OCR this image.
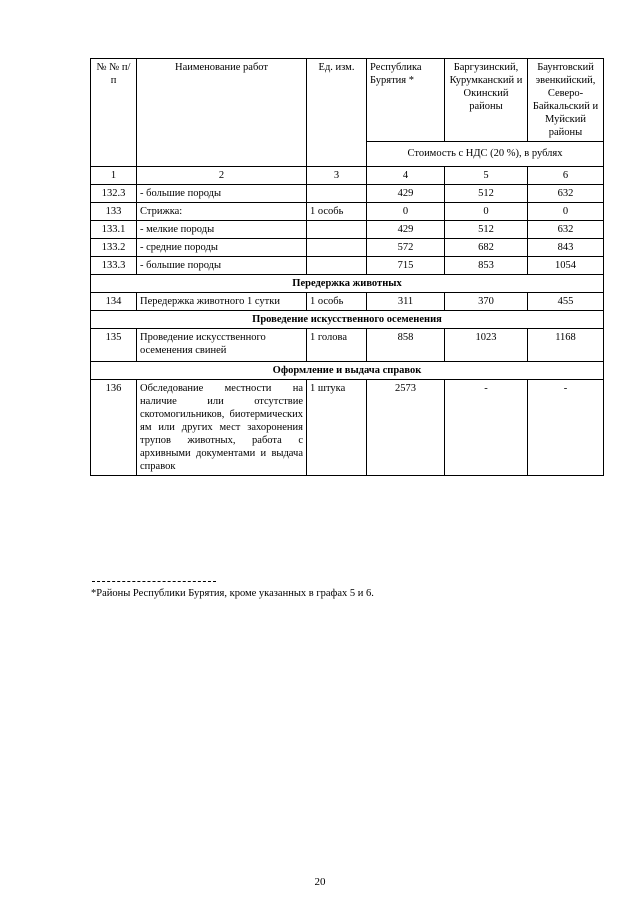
№ № п/п	Наименование работ	Ед. изм.	Республика Бурятия *	Баргузинский, Курумканский и Окинский районы	Баунтовский эвенкийский, Северо-Байкальский и Муйский районы
			Стоимость с НДС (20 %), в рублях		
1	2	3	4	5	6
132.3	- большие породы		429	512	632
133	Стрижка:	1 особь	0	0	0
133.1	- мелкие породы		429	512	632
133.2	- средние породы		572	682	843
133.3	- большие породы		715	853	1054
Передержка животных					
134	Передержка животного 1 сутки	1 особь	311	370	455
Проведение искусственного осеменения					
135	Проведение искусственного осеменения свиней	1 голова	858	1023	1168
Оформление и выдача справок					
136	Обследование местности на наличие или отсутствие скотомогильников, биотермических ям или других мест захоронения трупов животных, работа с архивными документами и выдача справок	1 штука	2573	-	-
*Районы Республики Бурятия, кроме указанных в графах 5 и 6.
20
